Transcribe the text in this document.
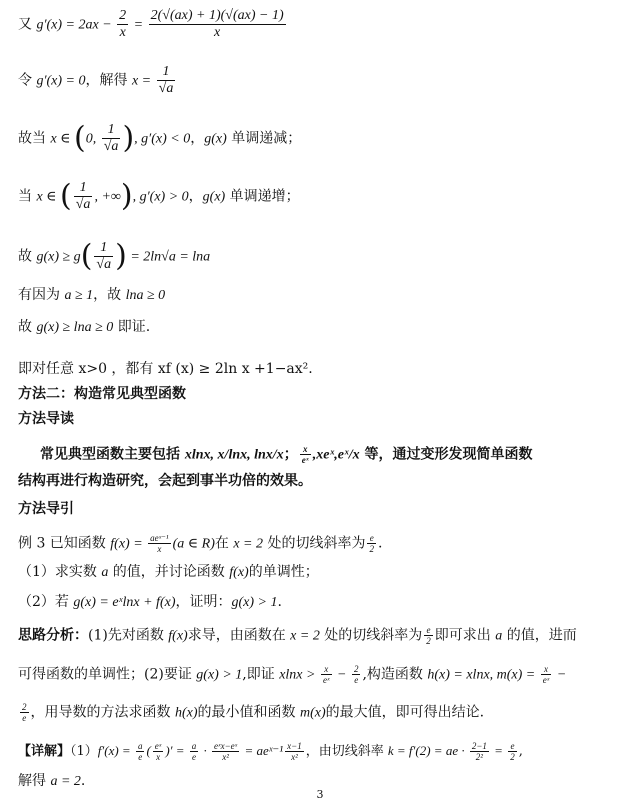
又 $g'(x) = 2ax - \frac{2}{x} = \frac{2(√(ax) + 1)(√(ax) - 1)}{x}$
令 g′(x) = 0，解得 $x = \frac{1}{√a}$
故当 x ∈ (0, $\frac{1}{√a}$ ), g′(x) < 0，g(x) 单调递减；
当 x ∈ ( $\frac{1}{√a}$ , +∞), g′(x) > 0，g(x) 单调递增；
故 $g(x) \ge g( \frac{1}{√a}$ ) = 2ln√a = lna
有因为 a ≥ 1，故 lna ≥ 0
故 g(x) ≥ lna ≥ 0 即证.
即对任意 x>0 ，都有 xf (x) ≥ 2ln x +1−ax².
方法二：构造常见典型函数
方法导读
常见典型函数主要包括 xlnx, x/lnx, lnx/x； $\frac{x}{\text{eˣ}}$ ,xeˣ,eˣ/x 等，通过变形发现简单函数
结构再进行构造研究，会起到事半功倍的效果。
方法导引
例 3 已知函数 $f(x) = \frac{\text{aeˣ⁻¹}}{x} (a$ ∈ R)在 x = 2 处的切线斜率为 $\frac{e}{2}$ .
（1）求实数 a 的值，并讨论函数 f(x)的单调性；
（2）若 g(x) = eˣlnx + f(x)，证明：g(x) > 1.
思路分析：(1)先对函数 f(x)求导，由函数在 x = 2 处的切线斜率为 $\frac{e}{2}$ 即可求出 a 的值，进而
可得函数的单调性；(2)要证 g(x) > 1,即证 $xlnx > \frac{x}{\text{eˣ}} - \frac{2}{e}$ ,构造函数 h(x) = xlnx, $m(x) = \frac{x}{\text{eˣ}}$ −
$\frac{2}{e}$ ，用导数的方法求函数 h(x)的最小值和函数 m(x)的最大值，即可得出结论.
【详解】$(1)f'(x) = \frac{a}{e}$ ( $\frac{\text{eˣ}}{x}$ )′ = $\frac{a}{e} \cdot \frac{\text{eˣx−eˣ}}{\text{x²}}$ = aeˣ⁻¹ $\frac{x-1}{\text{x²}}$ ，由切线斜率 k = f′(2) = ae · $\frac{2-1}{\text{2²}} = \frac{e}{2}$ ,
解得 a = 2.
3
